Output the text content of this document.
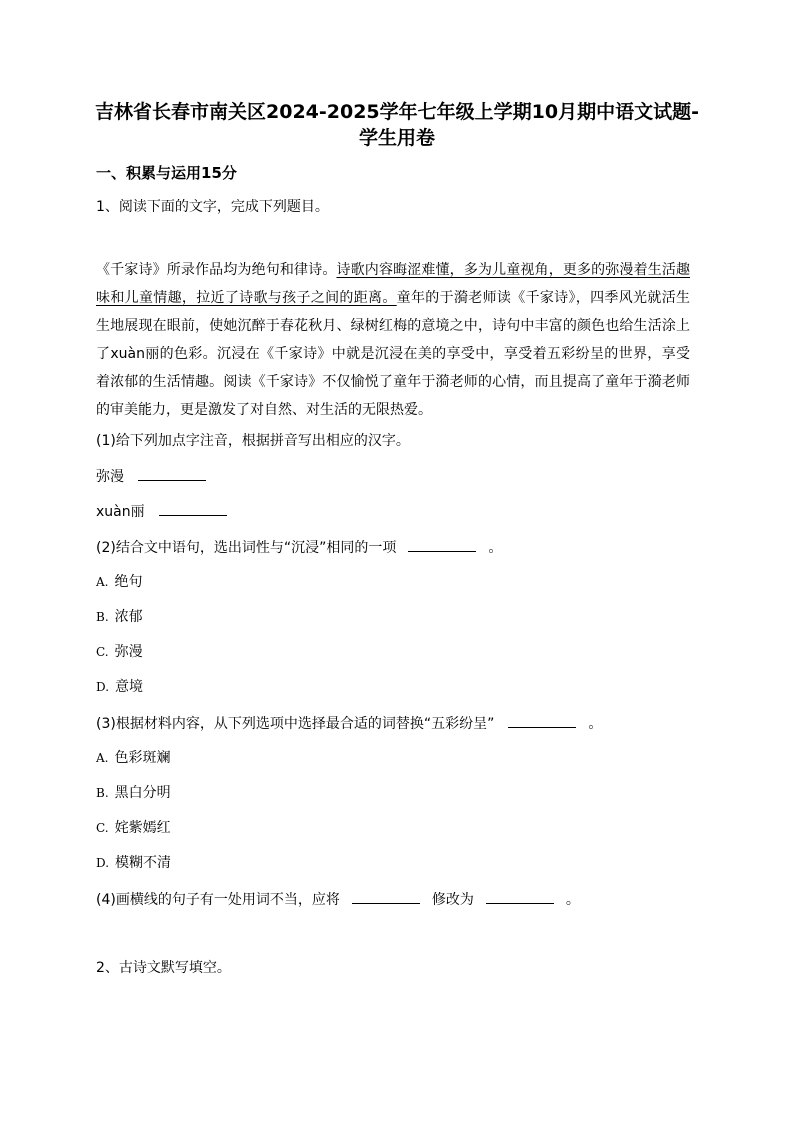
吉林省长春市南关区2024-2025学年七年级上学期10月期中语文试题-
学生用卷
一、积累与运用15分
1、阅读下面的文字，完成下列题目。
《千家诗》所录作品均为绝句和律诗。诗歌内容晦涩难懂，多为儿童视角，更多的弥漫着生活趣味和儿童情趣，拉近了诗歌与孩子之间的距离。童年的于漪老师读《千家诗》，四季风光就活生生地展现在眼前，使她沉醉于春花秋月、绿树红梅的意境之中，诗句中丰富的颜色也给生活涂上了xuàn丽的色彩。沉浸在《千家诗》中就是沉浸在美的享受中，享受着五彩纷呈的世界，享受着浓郁的生活情趣。阅读《千家诗》不仅愉悦了童年于漪老师的心情，而且提高了童年于漪老师的审美能力，更是激发了对自然、对生活的无限热爱。
(1)给下列加点字注音，根据拼音写出相应的汉字。
弥漫
xuàn丽
(2)结合文中语句，选出词性与“沉浸”相同的一项	。
A. 绝句
B. 浓郁
C. 弥漫
D. 意境
(3)根据材料内容，从下列选项中选择最合适的词替换“五彩纷呈”	。
A. 色彩斑斓
B. 黑白分明
C. 姹紫嫣红
D. 模糊不清
(4)画横线的句子有一处用词不当，应将	修改为	。
2、古诗文默写填空。
